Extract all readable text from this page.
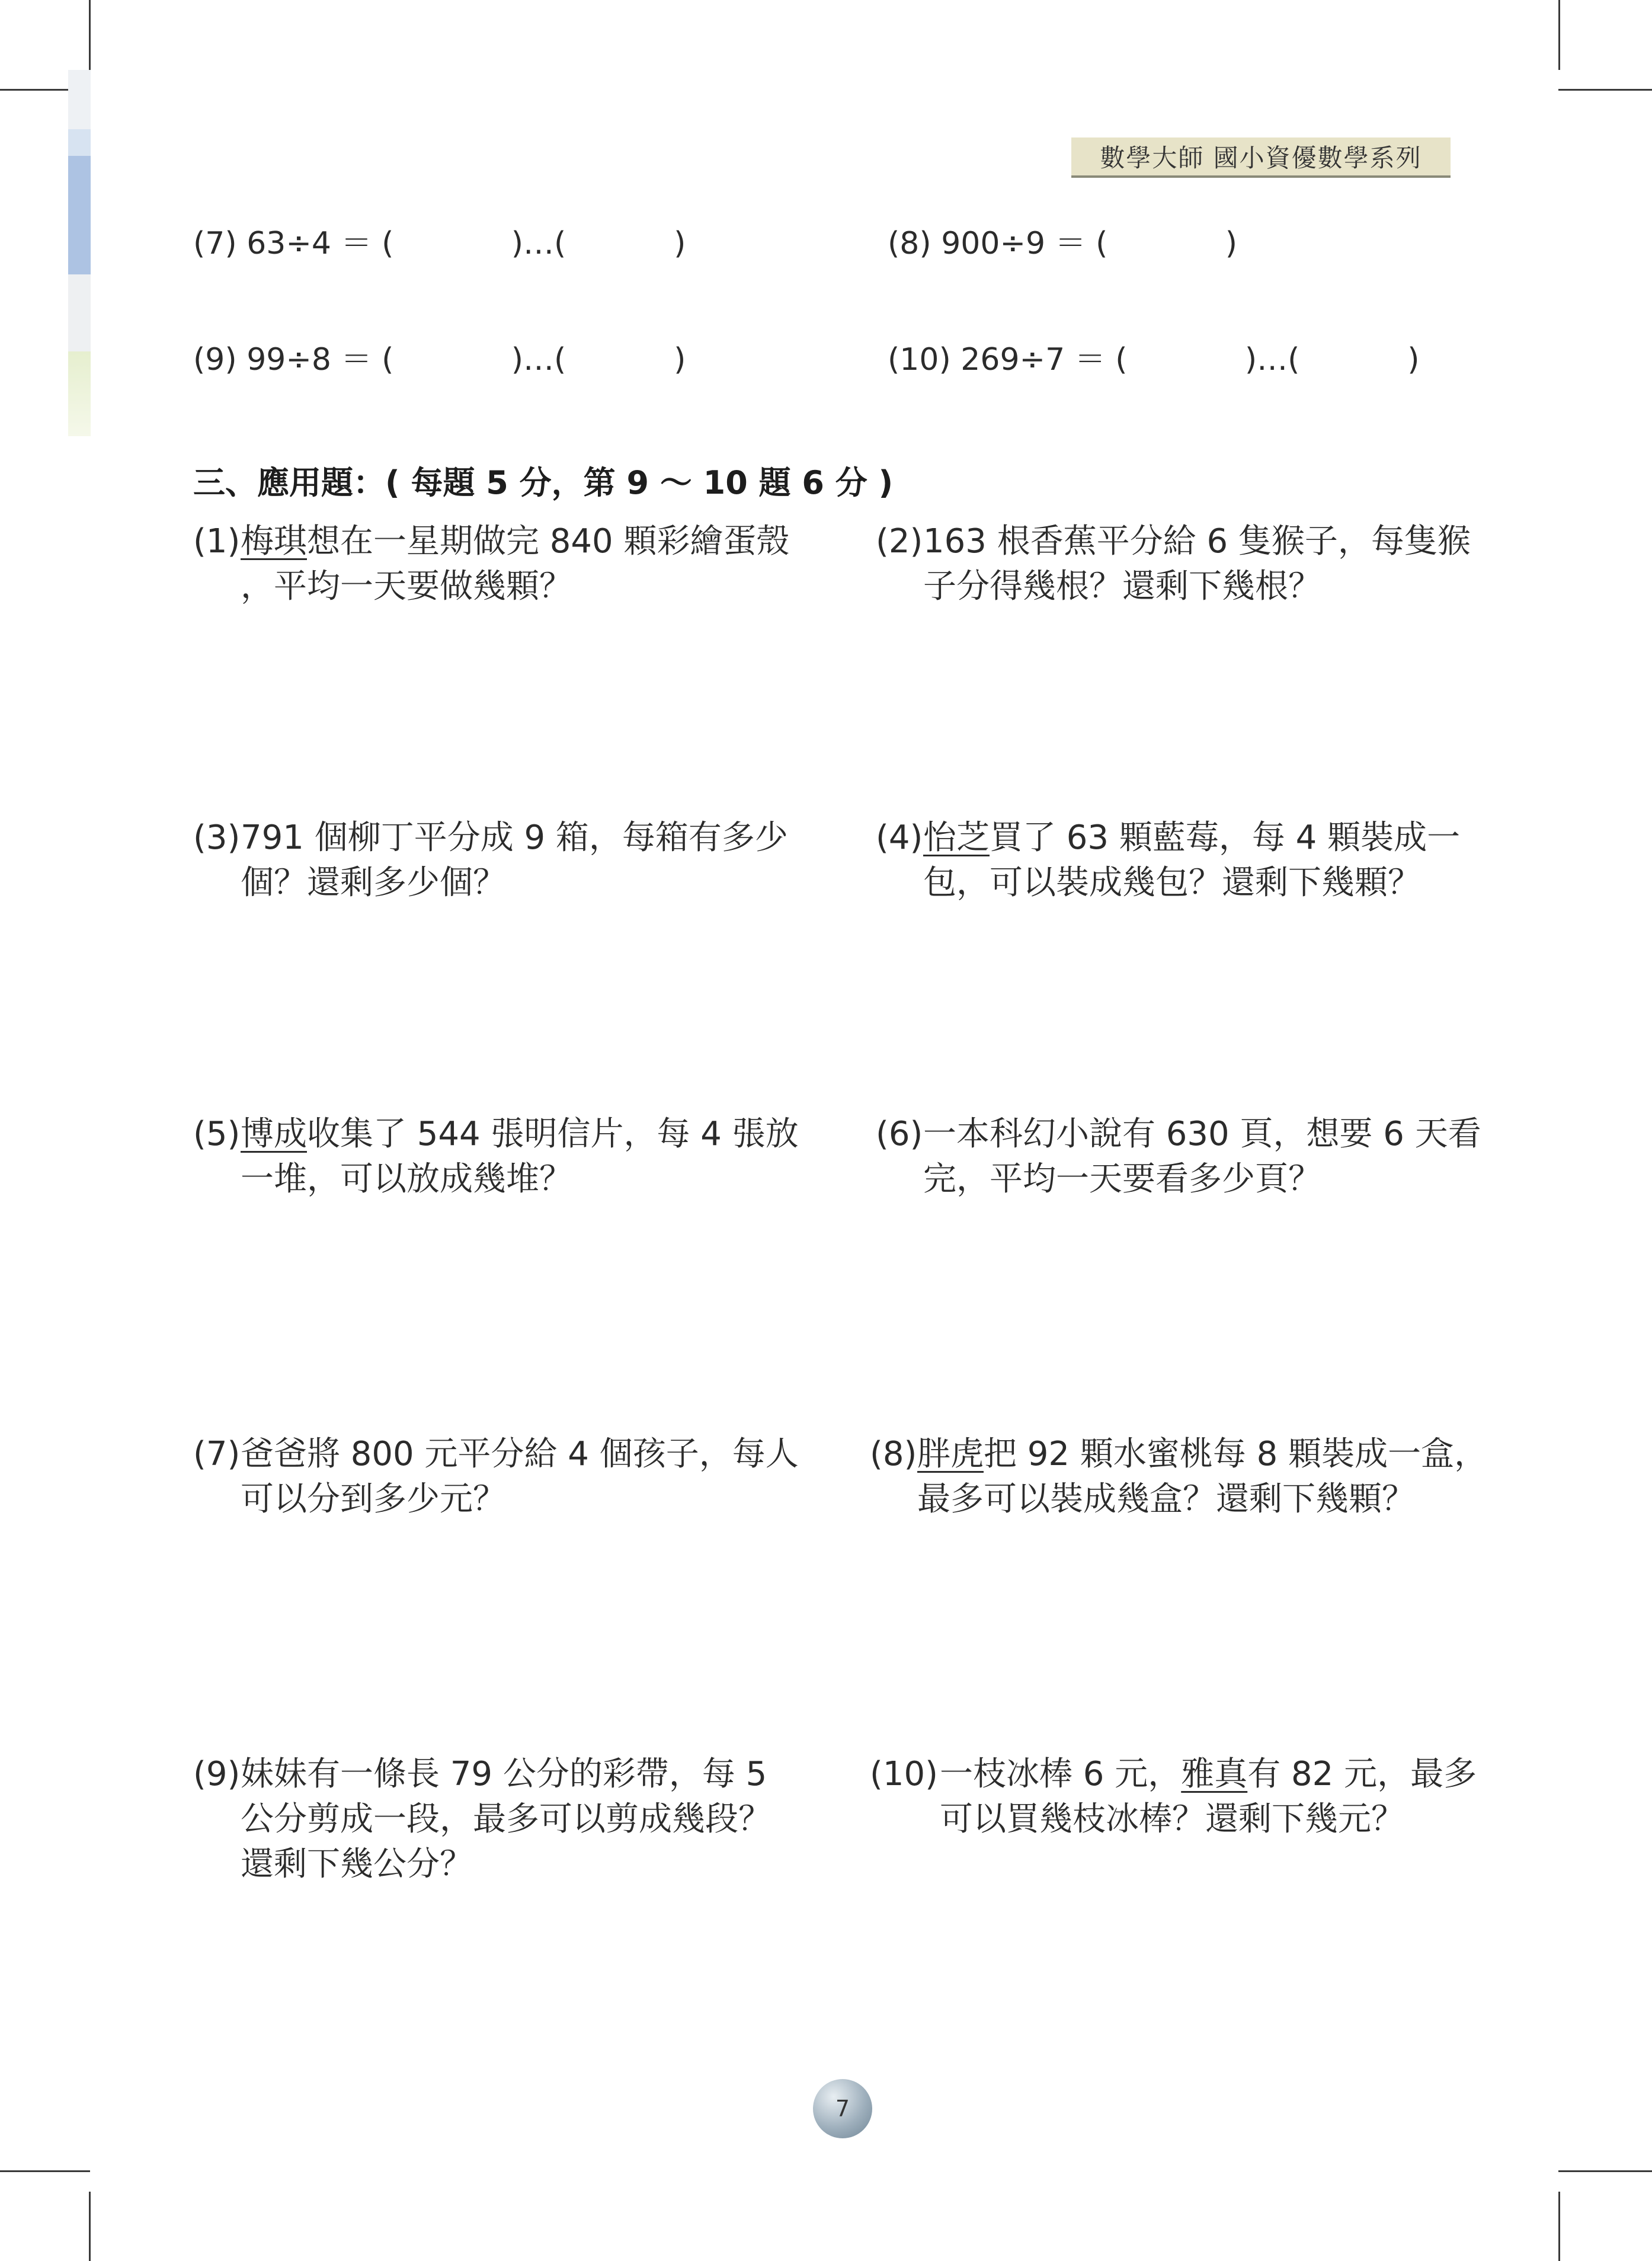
數學大師 國小資優數學系列
(7) 63÷4 ＝ (            )…(           )	(8) 900÷9 ＝ (            )
(9) 99÷8 ＝ (            )…(           )	(10) 269÷7 ＝ (            )…(           )
三、應用題：( 每題 5 分，第 9 ～ 10 題 6 分 )
(1) 梅琪想在一星期做完 840 顆彩繪蛋殼
，平均一天要做幾顆？
(2) 163 根香蕉平分給 6 隻猴子，每隻猴
子分得幾根？還剩下幾根？
(3) 791 個柳丁平分成 9 箱，每箱有多少
個？還剩多少個？
(4) 怡芝買了 63 顆藍莓，每 4 顆裝成一
包，可以裝成幾包？還剩下幾顆？
(5) 博成收集了 544 張明信片，每 4 張放
一堆，可以放成幾堆？
(6) 一本科幻小說有 630 頁，想要 6 天看
完，平均一天要看多少頁？
(7) 爸爸將 800 元平分給 4 個孩子，每人
可以分到多少元？
(8) 胖虎把 92 顆水蜜桃每 8 顆裝成一盒，
最多可以裝成幾盒？還剩下幾顆？
(9) 妹妹有一條長 79 公分的彩帶，每 5
公分剪成一段，最多可以剪成幾段？
還剩下幾公分？
(10) 一枝冰棒 6 元，雅真有 82 元，最多
可以買幾枝冰棒？還剩下幾元？
7
